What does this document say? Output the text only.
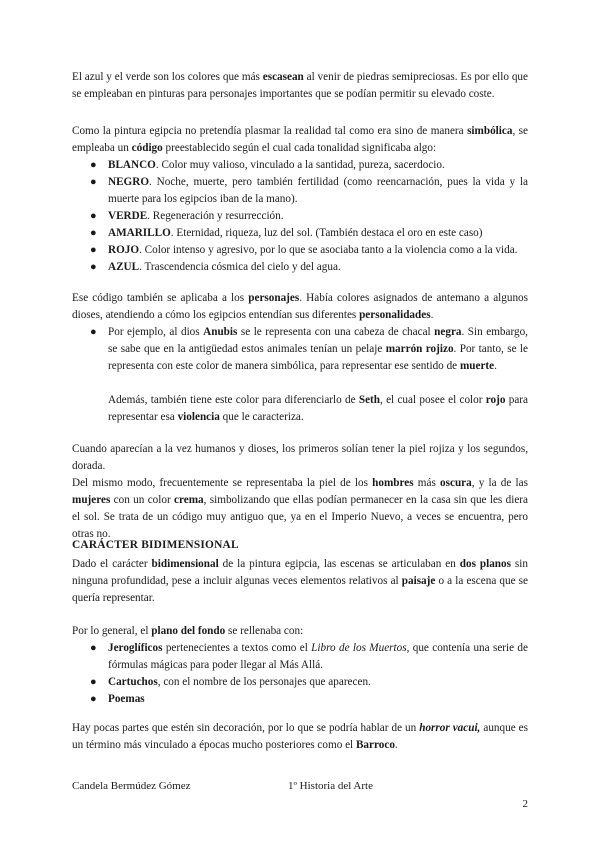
El azul y el verde son los colores que más escasean al venir de piedras semipreciosas. Es por ello que se empleaban en pinturas para personajes importantes que se podían permitir su elevado coste.

Como la pintura egipcia no pretendía plasmar la realidad tal como era sino de manera simbólica, se empleaba un código preestablecido según el cual cada tonalidad significaba algo:

● BLANCO. Color muy valioso, vinculado a la santidad, pureza, sacerdocio.
● NEGRO. Noche, muerte, pero también fertilidad (como reencarnación, pues la vida y la muerte para los egipcios iban de la mano).
● VERDE. Regeneración y resurrección.
● AMARILLO. Eternidad, riqueza, luz del sol. (También destaca el oro en este caso)
● ROJO. Color intenso y agresivo, por lo que se asociaba tanto a la violencia como a la vida.
● AZUL. Trascendencia cósmica del cielo y del agua.

Ese código también se aplicaba a los personajes. Había colores asignados de antemano a algunos dioses, atendiendo a cómo los egipcios entendían sus diferentes personalidades.

● Por ejemplo, al dios Anubis se le representa con una cabeza de chacal negra. Sin embargo, se sabe que en la antigüedad estos animales tenían un pelaje marrón rojizo. Por tanto, se le representa con este color de manera simbólica, para representar ese sentido de muerte.

Además, también tiene este color para diferenciarlo de Seth, el cual posee el color rojo para representar esa violencia que le caracteriza.

Cuando aparecían a la vez humanos y dioses, los primeros solían tener la piel rojiza y los segundos, dorada.

Del mismo modo, frecuentemente se representaba la piel de los hombres más oscura, y la de las mujeres con un color crema, simbolizando que ellas podían permanecer en la casa sin que les diera el sol. Se trata de un código muy antiguo que, ya en el Imperio Nuevo, a veces se encuentra, pero otras no.

CARÁCTER BIDIMENSIONAL

Dado el carácter bidimensional de la pintura egipcia, las escenas se articulaban en dos planos sin ninguna profundidad, pese a incluir algunas veces elementos relativos al paisaje o a la escena que se quería representar.

Por lo general, el plano del fondo se rellenaba con:

● Jeroglíficos pertenecientes a textos como el Libro de los Muertos, que contenía una serie de fórmulas mágicas para poder llegar al Más Allá.
● Cartuchos, con el nombre de los personajes que aparecen.
● Poemas

Hay pocas partes que estén sin decoración, por lo que se podría hablar de un horror vacui, aunque es un término más vinculado a épocas mucho posteriores como el Barroco.

Candela Bermúdez Gómez	1º Historia del Arte
2
